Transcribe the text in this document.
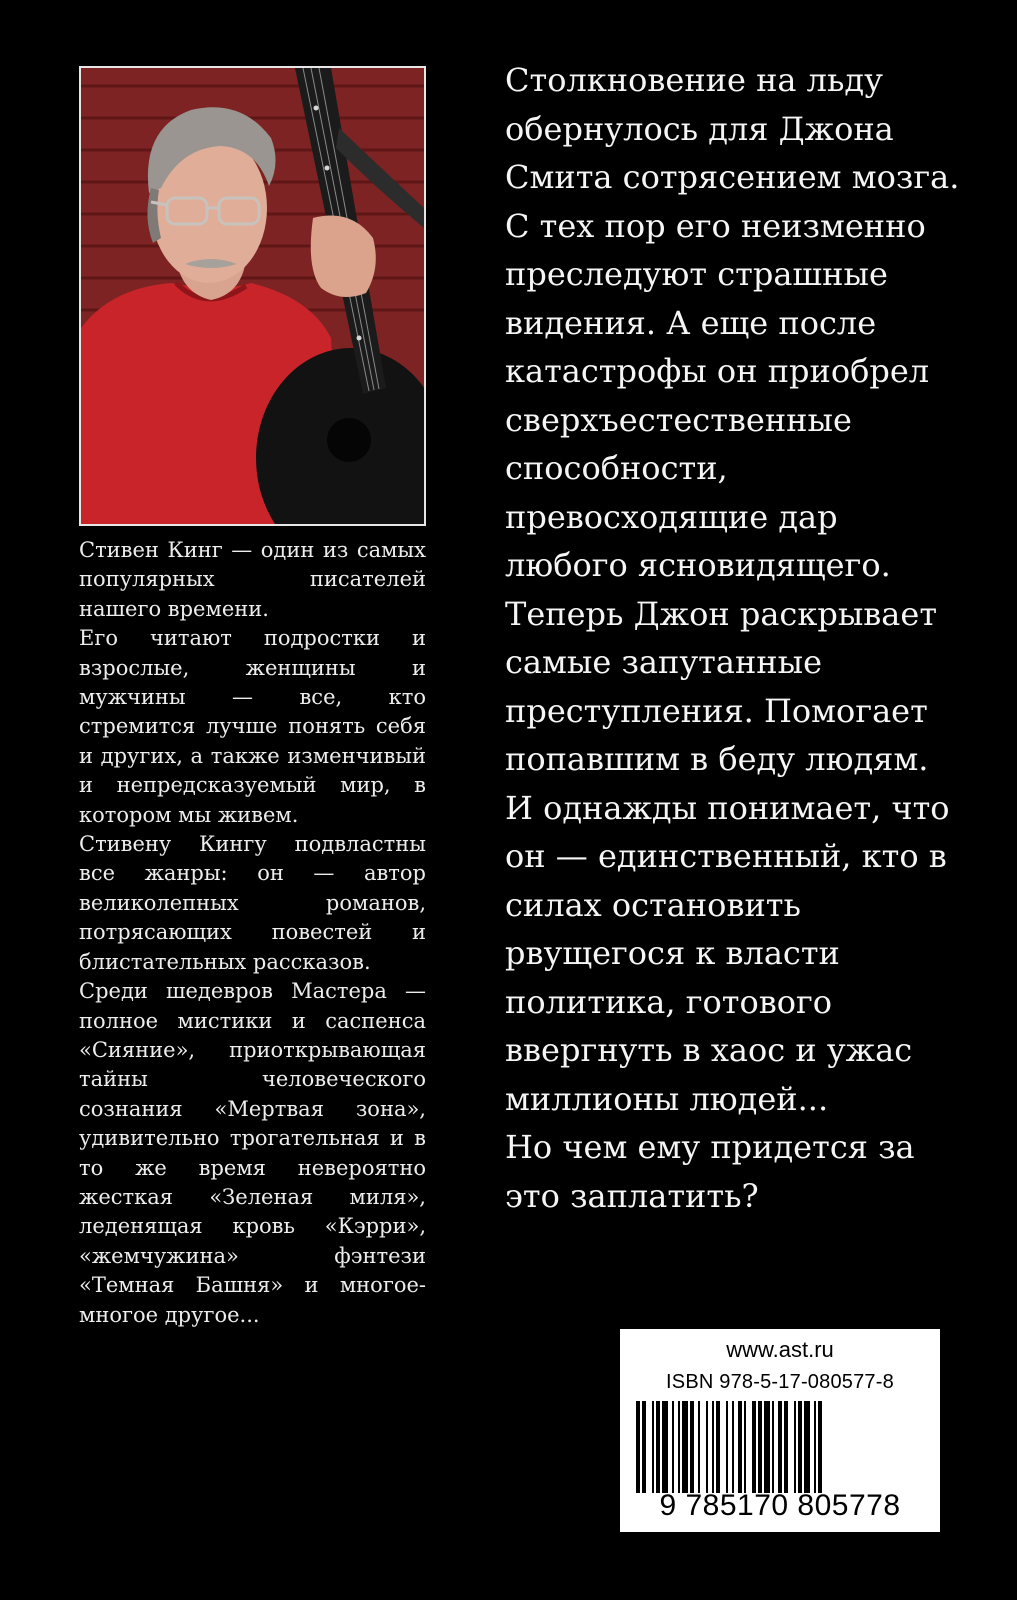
Стивен Кинг — один из самых популярных писателей нашего времени.

Его читают подростки и взрослые, женщины и мужчины — все, кто стремится лучше понять себя и других, а также изменчивый и непредсказуемый мир, в котором мы живем.

Стивену Кингу подвластны все жанры: он — автор великолепных романов, потрясающих повестей и блистательных рассказов.

Среди шедевров Мастера — полное мистики и саспенса «Сияние», приоткрывающая тайны человеческого сознания «Мертвая зона», удивительно трогательная и в то же время невероятно жесткая «Зеленая миля», леденящая кровь «Кэрри», «жемчужина» фэнтези «Темная Башня» и многое-многое другое...

Столкновение на льду обернулось для Джона Смита сотрясением мозга.

С тех пор его неизменно преследуют страшные видения. А еще после катастрофы он приобрел сверхъестественные способности, превосходящие дар любого ясновидящего.

Теперь Джон раскрывает самые запутанные преступления. Помогает попавшим в беду людям.

И однажды понимает, что он — единственный, кто в силах остановить рвущегося к власти политика, готового ввергнуть в хаос и ужас миллионы людей...

Но чем ему придется за это заплатить?

www.ast.ru
ISBN 978-5-17-080577-8
9 785170 805778
